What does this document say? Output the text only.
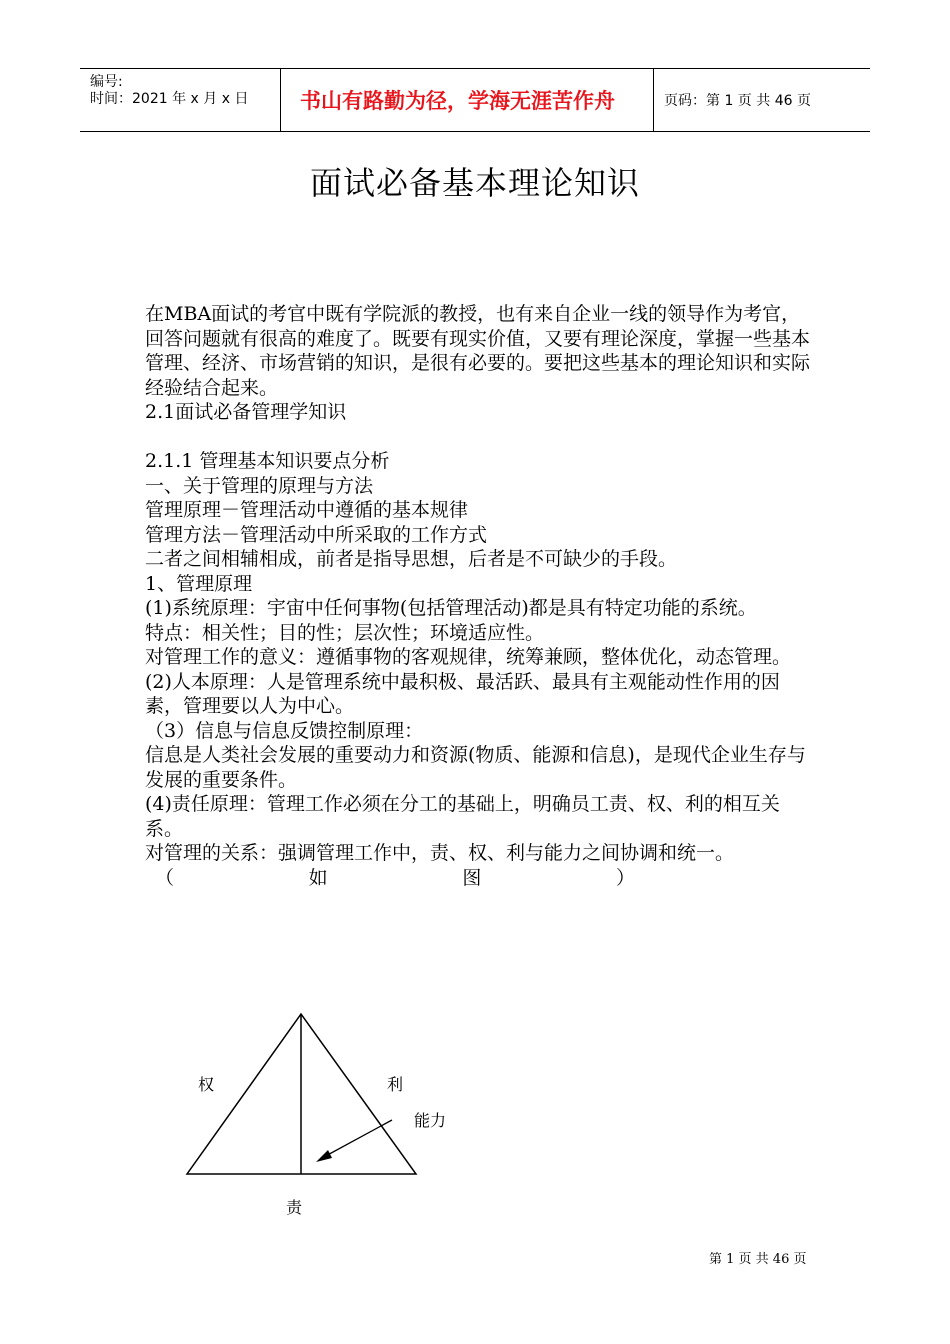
编号:
时间：2021 年 x 月 x 日	书山有路勤为径，学海无涯苦作舟	页码：第 1 页 共 46 页
面试必备基本理论知识

在MBA面试的考官中既有学院派的教授，也有来自企业一线的领导作为考官，回答问题就有很高的难度了。既要有现实价值，又要有理论深度，掌握一些基本管理、经济、市场营销的知识，是很有必要的。要把这些基本的理论知识和实际经验结合起来。

2.1面试必备管理学知识

2.1.1 管理基本知识要点分析

一、关于管理的原理与方法

管理原理－管理活动中遵循的基本规律

管理方法－管理活动中所采取的工作方式

二者之间相辅相成，前者是指导思想，后者是不可缺少的手段。

1、管理原理

(1)系统原理：宇宙中任何事物(包括管理活动)都是具有特定功能的系统。

特点：相关性；目的性；层次性；环境适应性。

对管理工作的意义：遵循事物的客观规律，统筹兼顾，整体优化，动态管理。

(2)人本原理：人是管理系统中最积极、最活跃、最具有主观能动性作用的因素，管理要以人为中心。

（3）信息与信息反馈控制原理：

信息是人类社会发展的重要动力和资源(物质、能源和信息)，是现代企业生存与发展的重要条件。

(4)责任原理：管理工作必须在分工的基础上，明确员工责、权、利的相互关系。

对管理的关系：强调管理工作中，责、权、利与能力之间协调和统一。

（	如	图	）
权	利
能力
责
第 1 页 共 46 页
